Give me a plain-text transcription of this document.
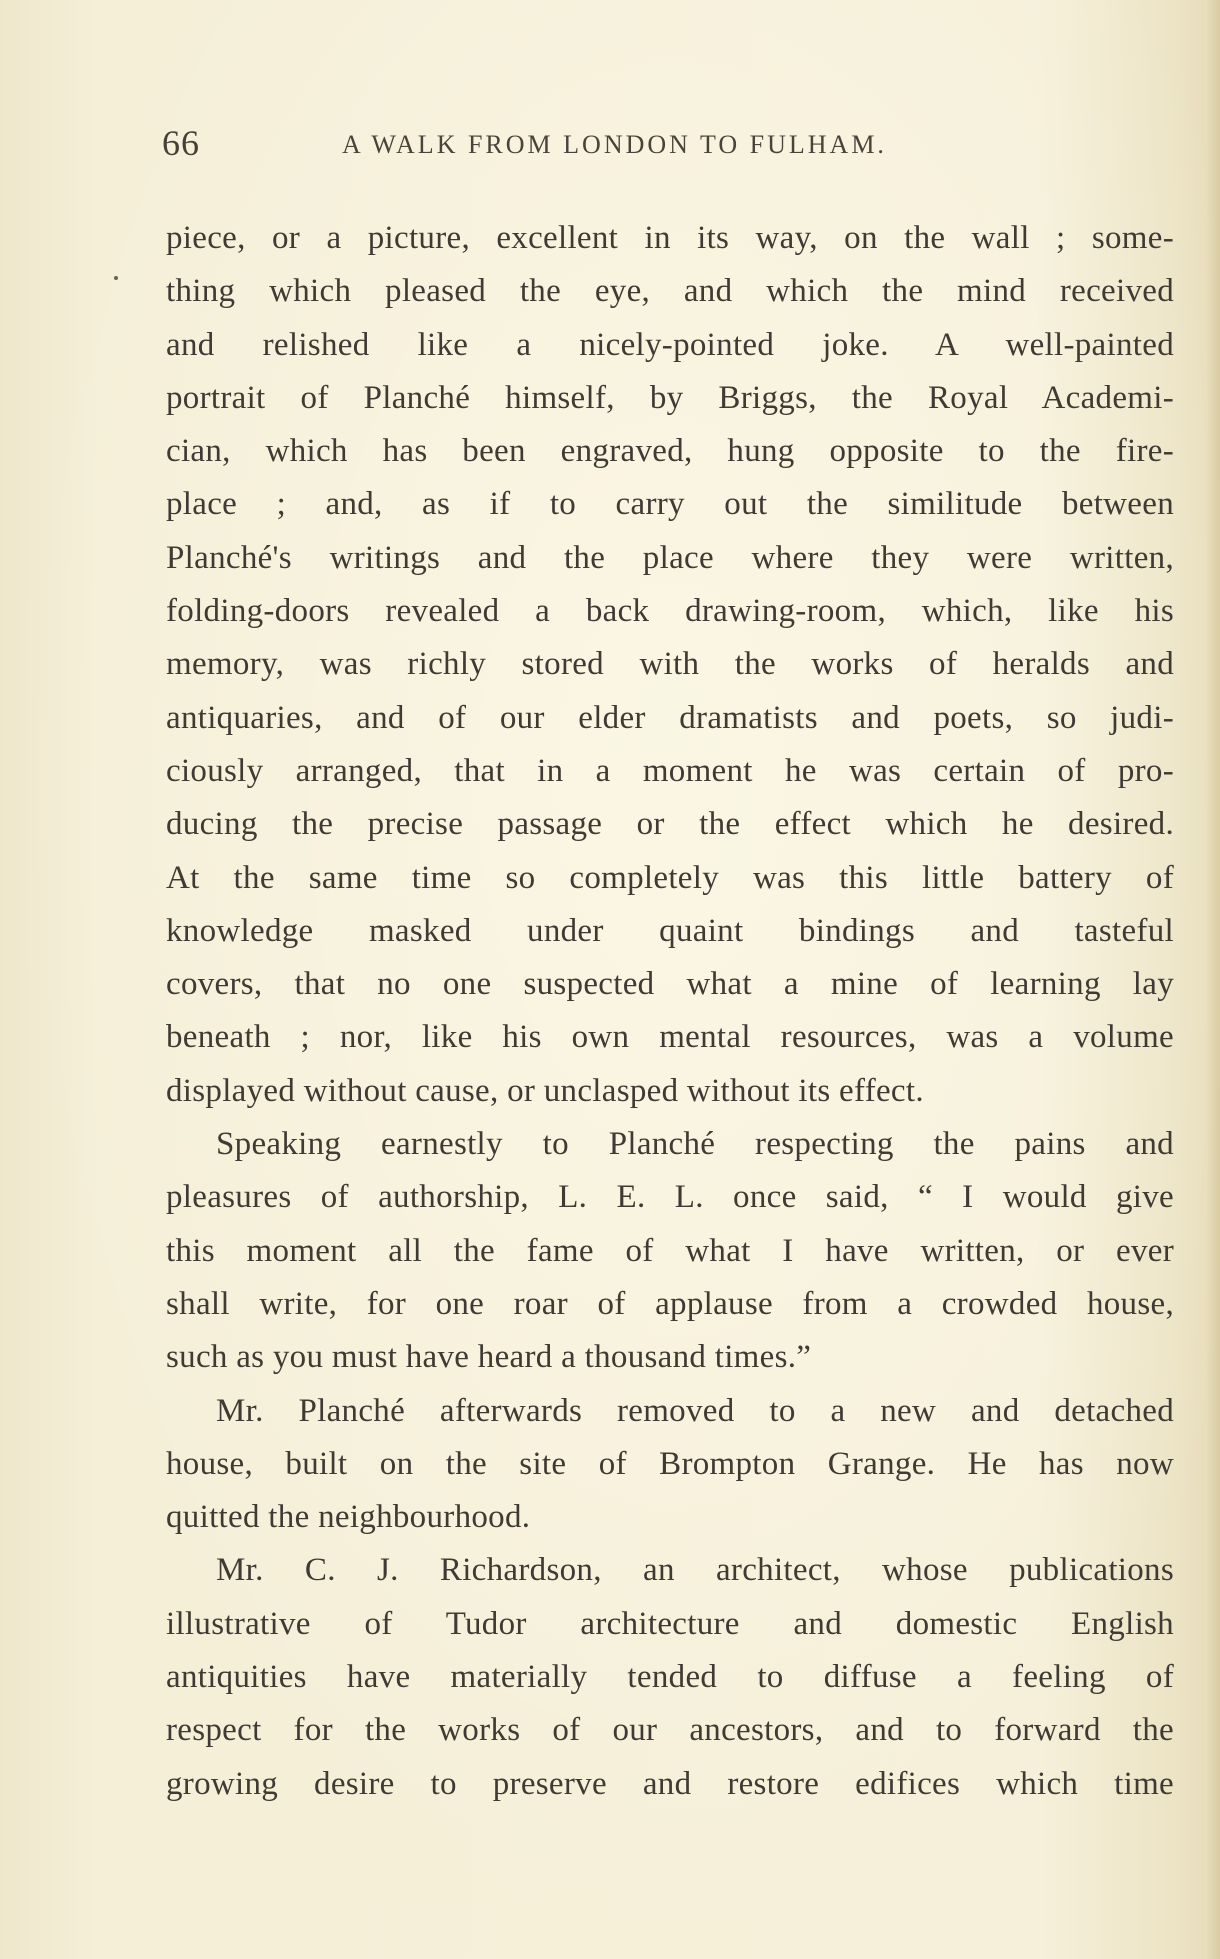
66	A WALK FROM LONDON TO FULHAM.
piece, or a picture, excellent in its way, on the wall ; some-
thing which pleased the eye, and which the mind received
and relished like a nicely-pointed joke. A well-painted
portrait of Planché himself, by Briggs, the Royal Academi-
cian, which has been engraved, hung opposite to the fire-
place ; and, as if to carry out the similitude between
Planché's writings and the place where they were written,
folding-doors revealed a back drawing-room, which, like his
memory, was richly stored with the works of heralds and
antiquaries, and of our elder dramatists and poets, so judi-
ciously arranged, that in a moment he was certain of pro-
ducing the precise passage or the effect which he desired.
At the same time so completely was this little battery of
knowledge masked under quaint bindings and tasteful
covers, that no one suspected what a mine of learning lay
beneath ; nor, like his own mental resources, was a volume
displayed without cause, or unclasped without its effect.
Speaking earnestly to Planché respecting the pains and
pleasures of authorship, L. E. L. once said, “ I would give
this moment all the fame of what I have written, or ever
shall write, for one roar of applause from a crowded house,
such as you must have heard a thousand times.”
Mr. Planché afterwards removed to a new and detached
house, built on the site of Brompton Grange. He has now
quitted the neighbourhood.
Mr. C. J. Richardson, an architect, whose publications
illustrative of Tudor architecture and domestic English
antiquities have materially tended to diffuse a feeling of
respect for the works of our ancestors, and to forward the
growing desire to preserve and restore edifices which time
